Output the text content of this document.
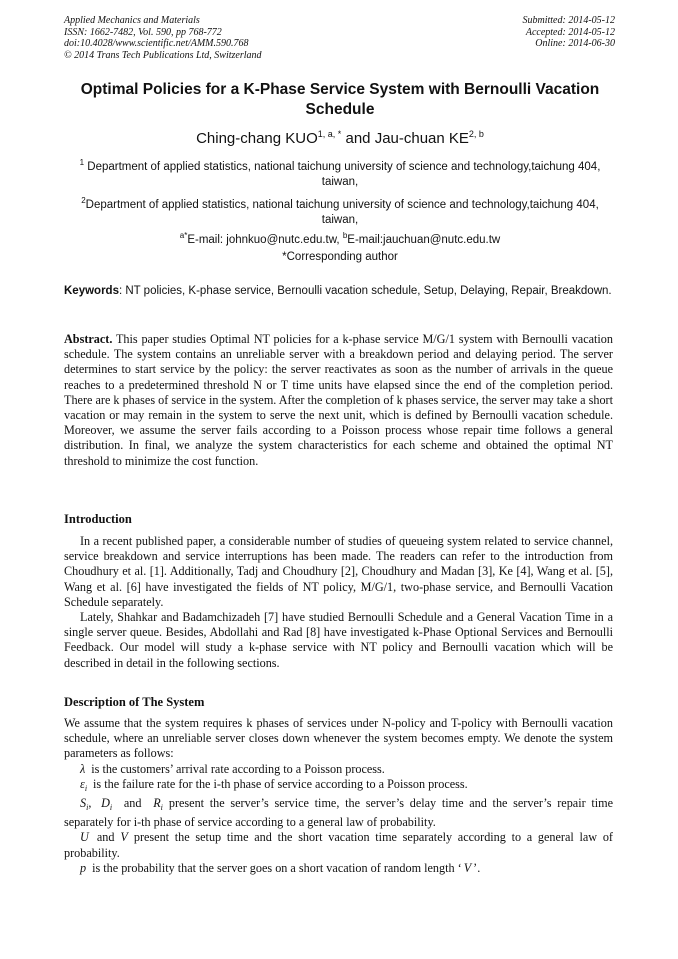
Applied Mechanics and Materials
ISSN: 1662-7482, Vol. 590, pp 768-772
doi:10.4028/www.scientific.net/AMM.590.768
© 2014 Trans Tech Publications Ltd, Switzerland
Submitted: 2014-05-12
Accepted: 2014-05-12
Online: 2014-06-30
Optimal Policies for a K-Phase Service System with Bernoulli Vacation Schedule
Ching-chang $KUO^{1, a, *}$ and Jau-chuan KE$^{2, b}$
$^1$ Department of applied statistics, national taichung university of science and technology,taichung 404, taiwan,
$^2$Department of applied statistics, national taichung university of science and technology,taichung 404, taiwan,
$^{a*}$E-mail: johnkuo@nutc.edu.tw, $^b$E-mail:jauchuan@nutc.edu.tw
*Corresponding author
Keywords: NT policies, K-phase service, Bernoulli vacation schedule, Setup, Delaying, Repair, Breakdown.
Abstract. This paper studies Optimal NT policies for a k-phase service M/G/1 system with Bernoulli vacation schedule. The system contains an unreliable server with a breakdown period and delaying period. The server determines to start service by the policy: the server reactivates as soon as the number of arrivals in the queue reaches to a predetermined threshold N or T time units have elapsed since the end of the completion period. There are k phases of service in the system. After the completion of k phases service, the server may take a short vacation or may remain in the system to serve the next unit, which is defined by Bernoulli vacation schedule. Moreover, we assume the server fails according to a Poisson process whose repair time follows a general distribution. In final, we analyze the system characteristics for each scheme and obtained the optimal NT threshold to minimize the cost function.
Introduction

In a recent published paper, a considerable number of studies of queueing system related to service channel, service breakdown and service interruptions has been made. The readers can refer to the introduction from Choudhury et al. [1]. Additionally, Tadj and Choudhury [2], Choudhury and Madan [3], Ke [4], Wang et al. [5], Wang et al. [6] have investigated the fields of NT policy, M/G/1, two-phase service, and Bernoulli Vacation Schedule separately.

Lately, Shahkar and Badamchizadeh [7] have studied Bernoulli Schedule and a General Vacation Time in a single server queue. Besides, Abdollahi and Rad [8] have investigated k-Phase Optional Services and Bernoulli Feedback. Our model will study a k-phase service with NT policy and Bernoulli vacation which will be described in detail in the following sections.

Description of The System

We assume that the system requires k phases of services under N-policy and T-policy with Bernoulli vacation schedule, where an unreliable server closes down whenever the system becomes empty. We denote the system parameters as follows:

λ is the customers’ arrival rate according to a Poisson process.

$\varepsilon_i$ is the failure rate for the i-th phase of service according to a Poisson process.

$S_i$, $D_i$ and $R_i$ present the server’s service time, the server’s delay time and the server’s repair time separately for i-th phase of service according to a general law of probability.

U and V present the setup time and the short vacation time separately according to a general law of probability.

p is the probability that the server goes on a short vacation of random length ‘ V ’.
